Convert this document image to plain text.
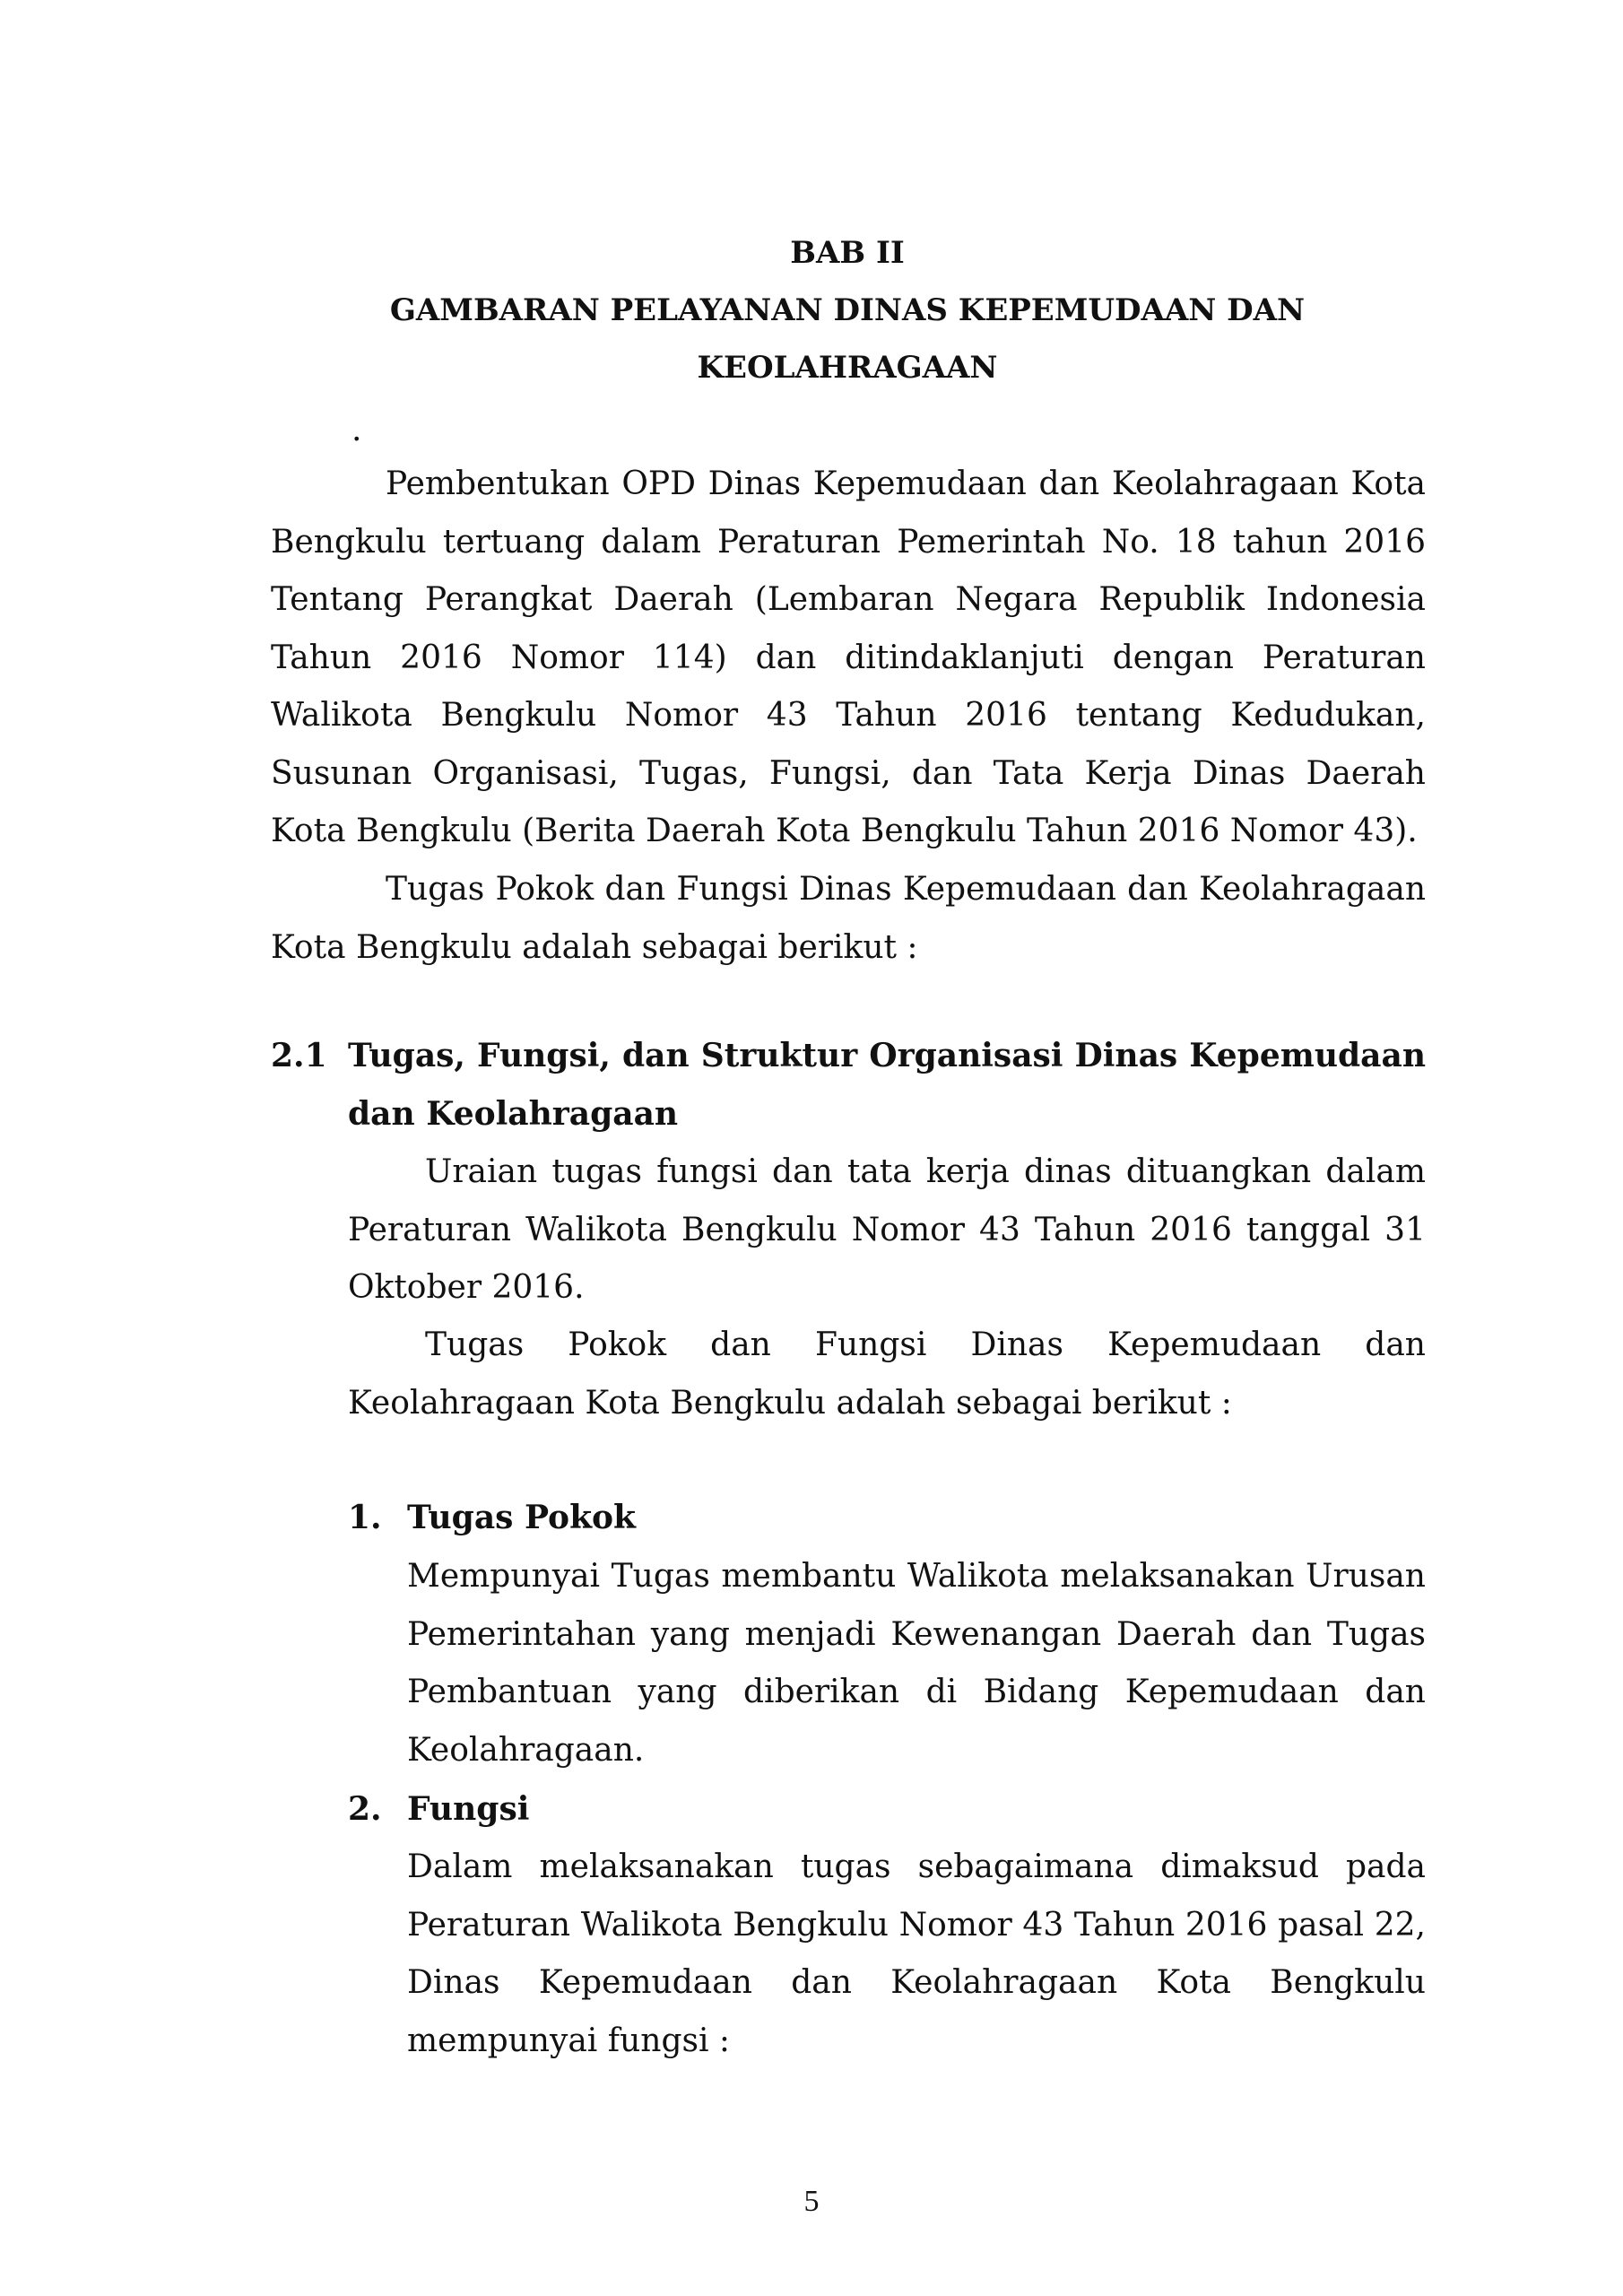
BAB II
GAMBARAN PELAYANAN DINAS KEPEMUDAAN DAN KEOLAHRAGAAN
.

Pembentukan OPD Dinas Kepemudaan dan Keolahragaan Kota Bengkulu tertuang dalam Peraturan Pemerintah No. 18 tahun 2016 Tentang Perangkat Daerah (Lembaran Negara Republik Indonesia Tahun 2016 Nomor 114) dan ditindaklanjuti dengan Peraturan Walikota Bengkulu Nomor 43 Tahun 2016 tentang Kedudukan, Susunan Organisasi, Tugas, Fungsi, dan Tata Kerja Dinas Daerah Kota Bengkulu (Berita Daerah Kota Bengkulu Tahun 2016 Nomor 43).

Tugas Pokok dan Fungsi Dinas Kepemudaan dan Keolahragaan Kota Bengkulu adalah sebagai berikut :

2.1 Tugas, Fungsi, dan Struktur Organisasi Dinas Kepemudaan dan Keolahragaan

Uraian tugas fungsi dan tata kerja dinas dituangkan dalam Peraturan Walikota Bengkulu Nomor 43 Tahun 2016 tanggal 31 Oktober 2016.

Tugas Pokok dan Fungsi Dinas Kepemudaan dan Keolahragaan Kota Bengkulu adalah sebagai berikut :

1. Tugas Pokok

Mempunyai Tugas membantu Walikota melaksanakan Urusan Pemerintahan yang menjadi Kewenangan Daerah dan Tugas Pembantuan yang diberikan di Bidang Kepemudaan dan Keolahragaan.

2. Fungsi

Dalam melaksanakan tugas sebagaimana dimaksud pada Peraturan Walikota Bengkulu Nomor 43 Tahun 2016 pasal 22, Dinas Kepemudaan dan Keolahragaan Kota Bengkulu mempunyai fungsi :

5
